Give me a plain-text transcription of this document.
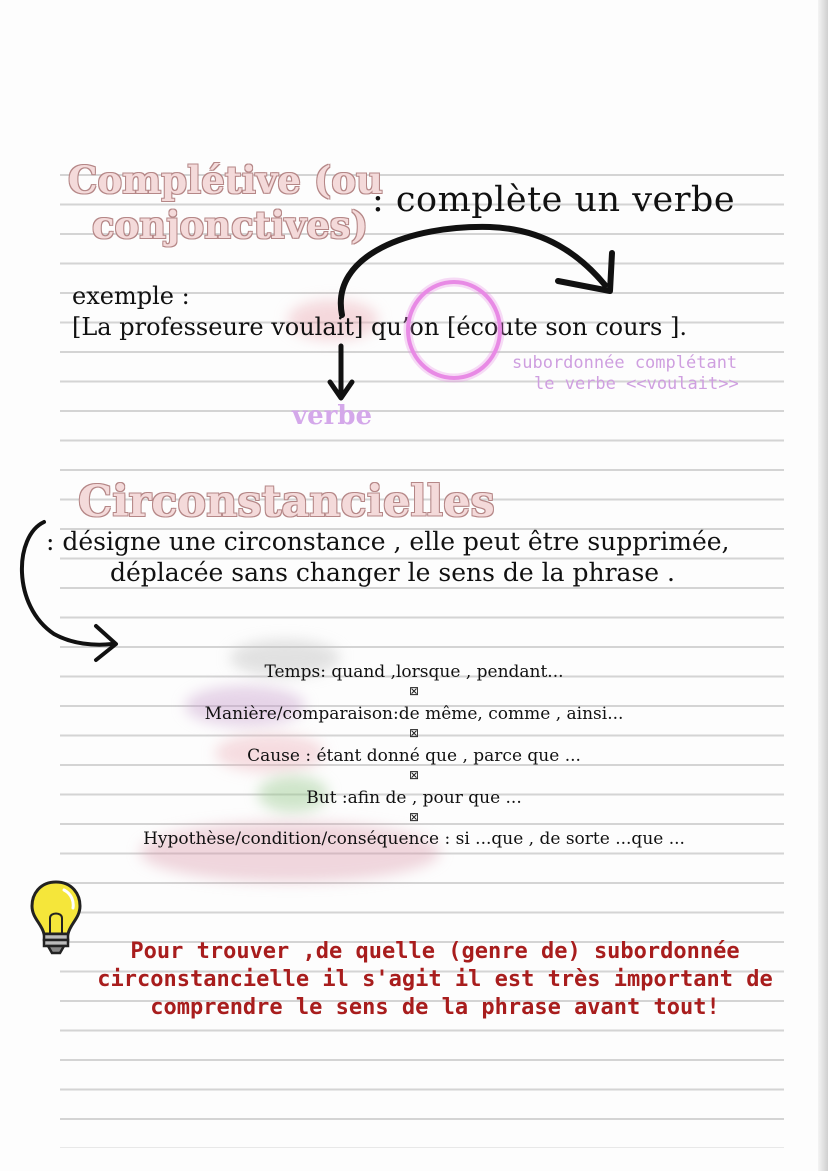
Complétive (ou
conjonctives)
: complète un verbe
exemple :
[La professeure voulait] qu’on [écoute son cours ].
subordonnée complétant
le verbe <<voulait>>
verbe
Circonstancielles
: désigne une circonstance , elle peut être supprimée,
déplacée sans changer le sens de la phrase .
Temps: quand ,lorsque , pendant...
⊠
Manière/comparaison:de même, comme , ainsi...
⊠
Cause : étant donné que , parce que ...
⊠
But :afin de , pour que ...
⊠
Hypothèse/condition/conséquence : si ...que , de sorte ...que ...
Pour trouver ,de quelle (genre de) subordonnée
circonstancielle il s'agit il est très important de
comprendre le sens de la phrase avant tout!
